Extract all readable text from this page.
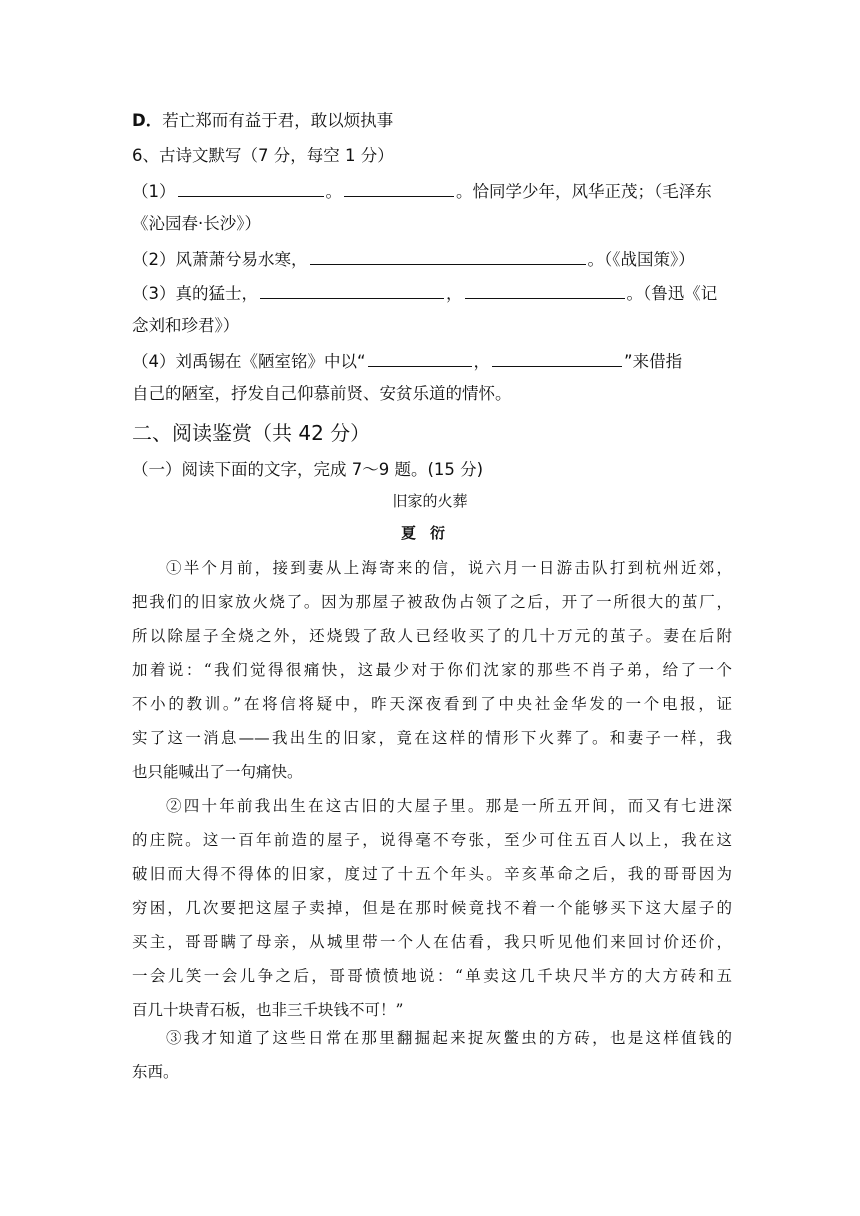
D．若亡郑而有益于君，敢以烦执事
6、古诗文默写（7 分，每空 1 分）
（1）	。	。恰同学少年，风华正茂；（毛泽东
《沁园春·长沙》）
（2）风萧萧兮易水寒，	。（《战国策》）
（3）真的猛士，	，	。（鲁迅《记
念刘和珍君》）
（4）刘禹锡在《陋室铭》中以“	，	”来借指
自己的陋室，抒发自己仰慕前贤、安贫乐道的情怀。
二、阅读鉴赏（共 42 分）
（一）阅读下面的文字，完成 7～9 题。(15 分)
旧家的火葬
夏衍
①半个月前，接到妻从上海寄来的信，说六月一日游击队打到杭州近郊，
把我们的旧家放火烧了。因为那屋子被敌伪占领了之后，开了一所很大的茧厂，
所以除屋子全烧之外，还烧毁了敌人已经收买了的几十万元的茧子。妻在后附
加着说：“我们觉得很痛快，这最少对于你们沈家的那些不肖子弟，给了一个
不小的教训。”在将信将疑中，昨天深夜看到了中央社金华发的一个电报，证
实了这一消息——我出生的旧家，竟在这样的情形下火葬了。和妻子一样，我
也只能喊出了一句痛快。
②四十年前我出生在这古旧的大屋子里。那是一所五开间，而又有七进深
的庄院。这一百年前造的屋子，说得毫不夸张，至少可住五百人以上，我在这
破旧而大得不得体的旧家，度过了十五个年头。辛亥革命之后，我的哥哥因为
穷困，几次要把这屋子卖掉，但是在那时候竟找不着一个能够买下这大屋子的
买主，哥哥瞒了母亲，从城里带一个人在估看，我只听见他们来回讨价还价，
一会儿笑一会儿争之后，哥哥愤愤地说：“单卖这几千块尺半方的大方砖和五
百几十块青石板，也非三千块钱不可！”
③我才知道了这些日常在那里翻掘起来捉灰鳖虫的方砖，也是这样值钱的
东西。
